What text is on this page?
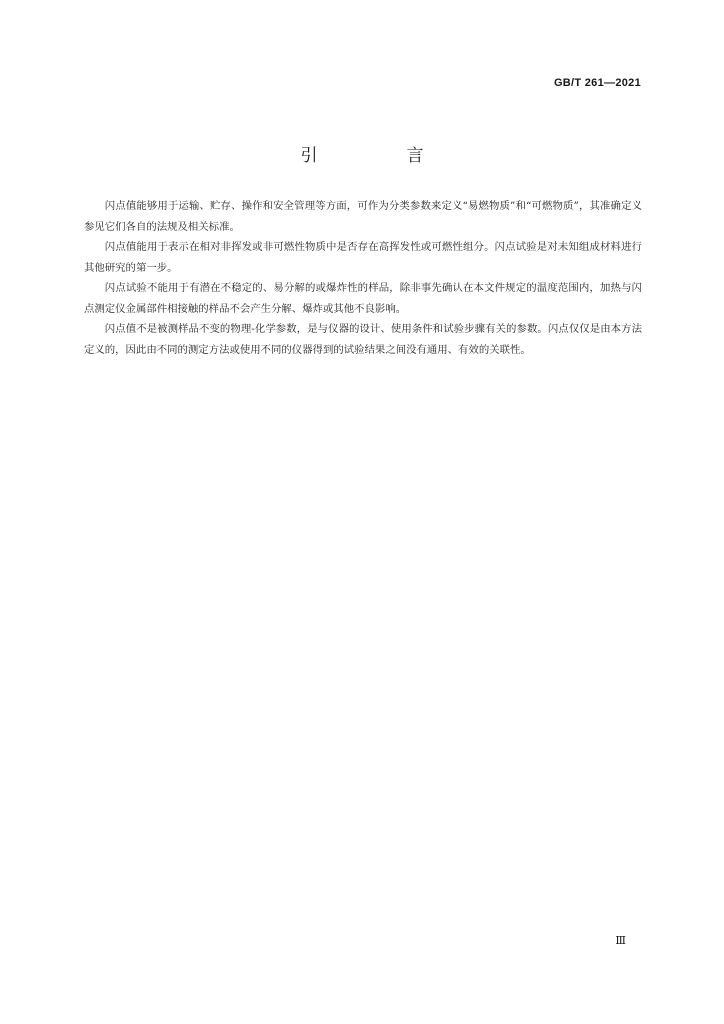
GB/T 261—2021
引　言

闪点值能够用于运输、贮存、操作和安全管理等方面，可作为分类参数来定义“易燃物质”和“可燃物质”，其准确定义参见它们各自的法规及相关标准。

闪点值能用于表示在相对非挥发或非可燃性物质中是否存在高挥发性或可燃性组分。闪点试验是对未知组成材料进行其他研究的第一步。

闪点试验不能用于有潜在不稳定的、易分解的或爆炸性的样品，除非事先确认在本文件规定的温度范围内，加热与闪点测定仪金属部件相接触的样品不会产生分解、爆炸或其他不良影响。

闪点值不是被测样品不变的物理-化学参数，是与仪器的设计、使用条件和试验步骤有关的参数。闪点仅仅是由本方法定义的，因此由不同的测定方法或使用不同的仪器得到的试验结果之间没有通用、有效的关联性。

Ⅲ
